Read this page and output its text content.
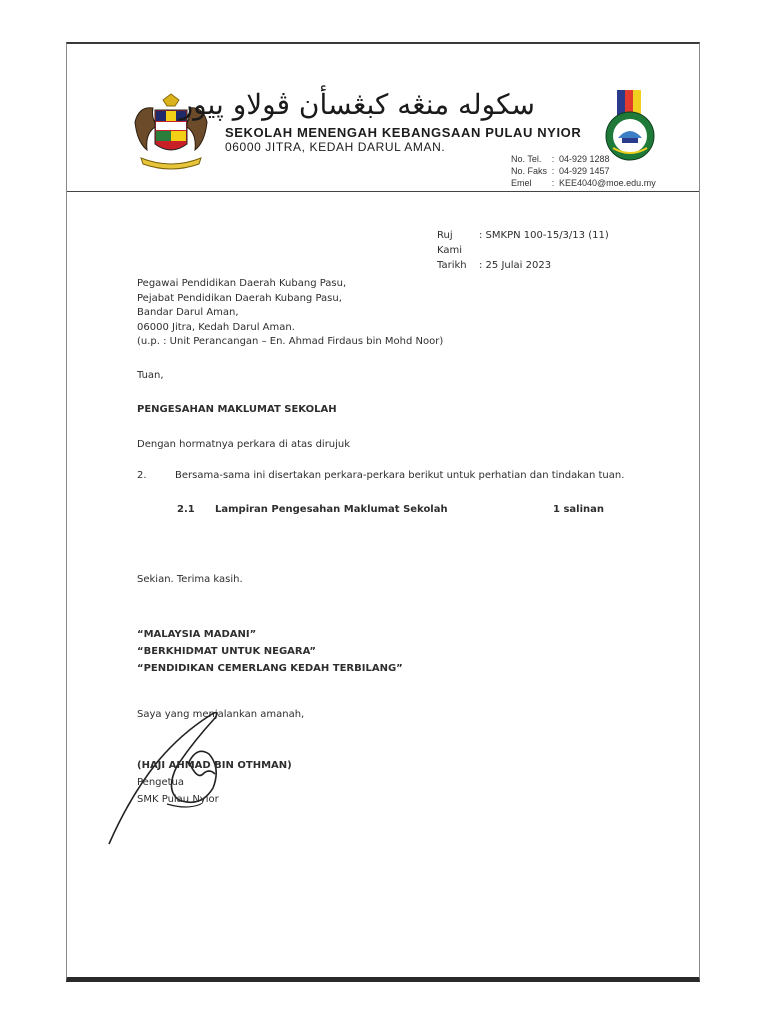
سکوله منڠه کبڠسأن ڤولاو ڽيور
SEKOLAH MENENGAH KEBANGSAAN PULAU NYIOR
06000 JITRA, KEDAH DARUL AMAN.
No. Tel.	: 04-929 1288
No. Faks : 04-929 1457
Emel	: KEE4040@moe.edu.my
Ruj Kami
: SMKPN 100-15/3/13 (11)
Tarikh	: 25 Julai 2023
Pegawai Pendidikan Daerah Kubang Pasu,
Pejabat Pendidikan Daerah Kubang Pasu,
Bandar Darul Aman,
06000 Jitra, Kedah Darul Aman.
(u.p. : Unit Perancangan – En. Ahmad Firdaus bin Mohd Noor)
Tuan,
PENGESAHAN MAKLUMAT SEKOLAH
Dengan hormatnya perkara di atas dirujuk
2.	Bersama-sama ini disertakan perkara-perkara berikut untuk perhatian dan tindakan tuan.
2.1	Lampiran Pengesahan Maklumat Sekolah	1 salinan
Sekian. Terima kasih.
“MALAYSIA MADANI”
“BERKHIDMAT UNTUK NEGARA”
“PENDIDIKAN CEMERLANG KEDAH TERBILANG”
Saya yang menjalankan amanah,
(HAJI AHMAD BIN OTHMAN)
Pengetua
SMK Pulau Nyior
